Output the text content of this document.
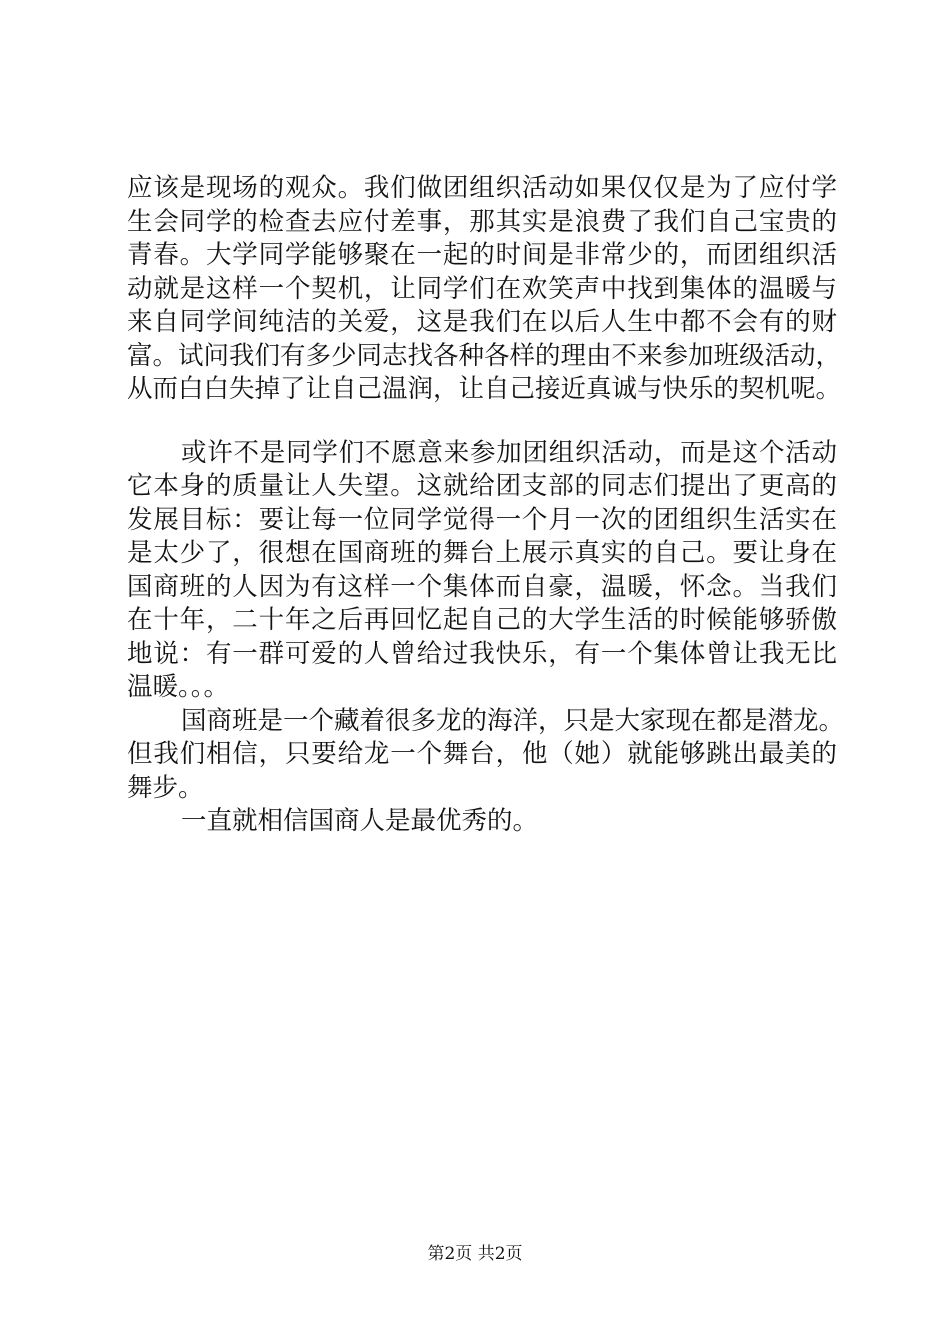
应该是现场的观众。我们做团组织活动如果仅仅是为了应付学
生会同学的检查去应付差事，那其实是浪费了我们自己宝贵的
青春。大学同学能够聚在一起的时间是非常少的，而团组织活
动就是这样一个契机，让同学们在欢笑声中找到集体的温暖与
来自同学间纯洁的关爱，这是我们在以后人生中都不会有的财
富。试问我们有多少同志找各种各样的理由不来参加班级活动，
从而白白失掉了让自己温润，让自己接近真诚与快乐的契机呢。
或许不是同学们不愿意来参加团组织活动，而是这个活动
它本身的质量让人失望。这就给团支部的同志们提出了更高的
发展目标：要让每一位同学觉得一个月一次的团组织生活实在
是太少了，很想在国商班的舞台上展示真实的自己。要让身在
国商班的人因为有这样一个集体而自豪，温暖，怀念。当我们
在十年，二十年之后再回忆起自己的大学生活的时候能够骄傲
地说：有一群可爱的人曾给过我快乐，有一个集体曾让我无比
温暖。。。
国商班是一个藏着很多龙的海洋，只是大家现在都是潜龙。
但我们相信，只要给龙一个舞台，他（她）就能够跳出最美的
舞步。
一直就相信国商人是最优秀的。
第2页 共2页
